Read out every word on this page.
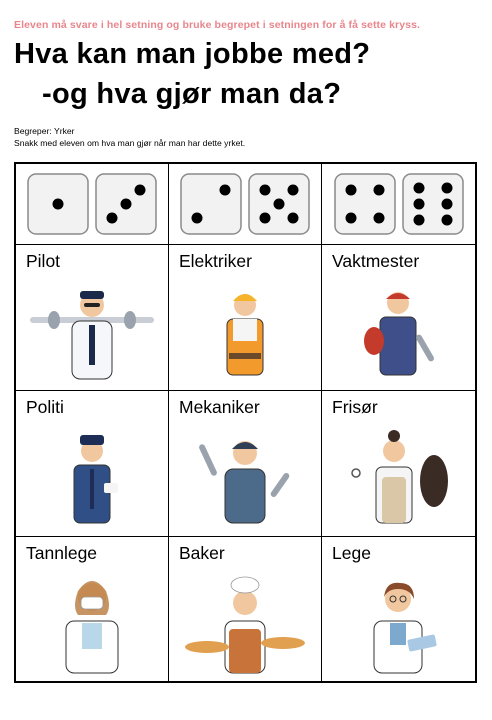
Eleven må svare i hel setning og bruke begrepet i setningen for å få sette kryss.
Hva kan man jobbe med?
-og hva gjør man da?
Begreper: Yrker
Snakk med eleven om hva man gjør når man har dette yrket.
Pilot	Elektriker	Vaktmester
Politi	Mekaniker	Frisør
Tannlege	Baker	Lege
